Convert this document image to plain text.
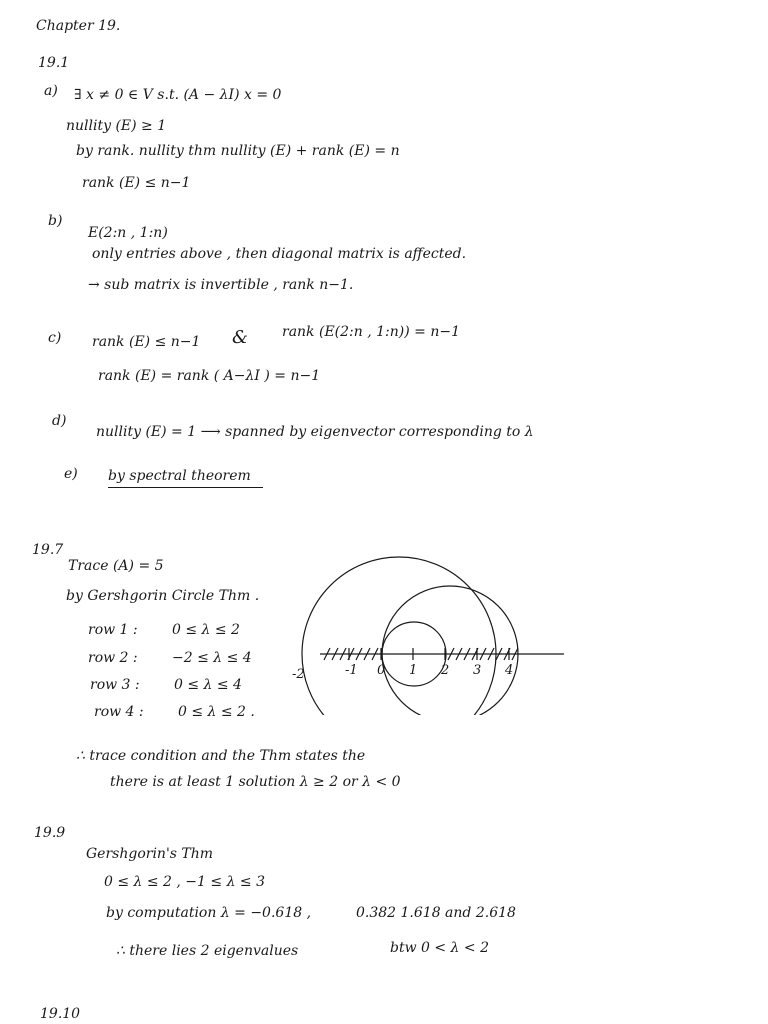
Chapter 19.
19.1
a) ∃ x ≠ 0 ∈ V s.t. (A − λI) x = 0
nullity (E) ≥ 1
by rank. nullity thm nullity (E) + rank (E) = n
rank (E) ≤ n−1
b)
E(2:n , 1:n)
only entries above , then diagonal matrix is affected.
→ sub matrix is invertible , rank n−1.
c) rank (E) ≤ n−1 & rank (E(2:n , 1:n)) = n−1
rank (E) = rank ( A−λI ) = n−1
d)
nullity (E) = 1 ⟶ spanned by eigenvector corresponding to λ
e) by spectral theorem
19.7
Trace (A) = 5
by Gershgorin Circle Thm .
row 1 : 0 ≤ λ ≤ 2
row 2 : −2 ≤ λ ≤ 4
row 3 : 0 ≤ λ ≤ 4
row 4 : 0 ≤ λ ≤ 2 .
∴ trace condition and the Thm states the
there is at least 1 solution λ ≥ 2 or λ < 0
-2	-1 0 1 2 3 4
19.9
Gershgorin's Thm
0 ≤ λ ≤ 2 , −1 ≤ λ ≤ 3
by computation λ = −0.618 ,	0.382 1.618 and 2.618
∴ there lies 2 eigenvalues	btw 0 < λ < 2
19.10
